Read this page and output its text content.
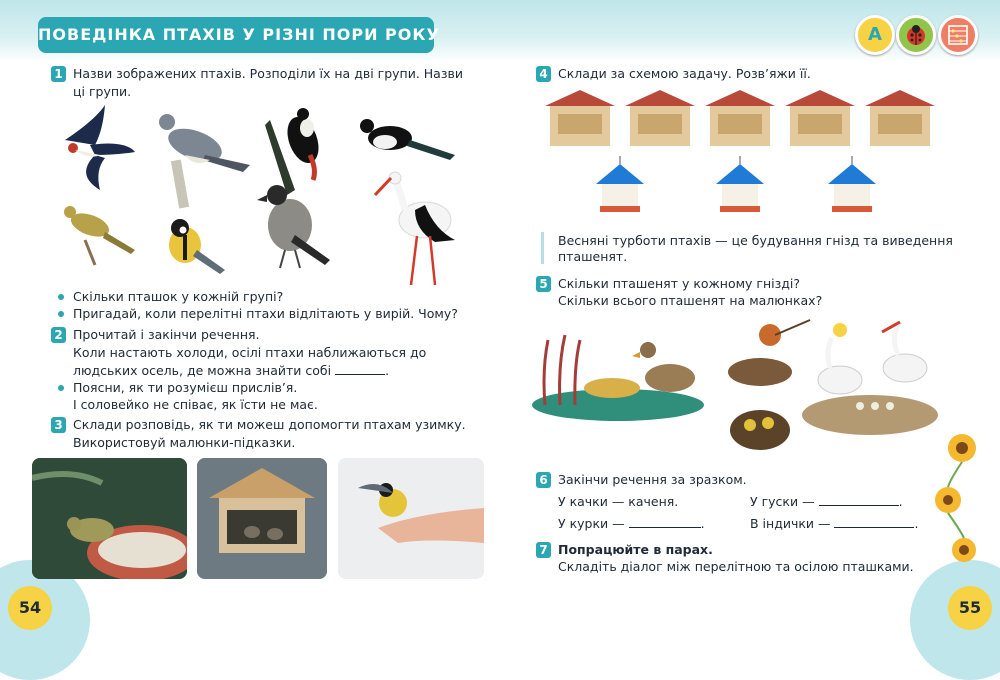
ПОВЕДІНКА ПТАХІВ У РІЗНІ ПОРИ РОКУ	A
1 Назви зображених птахів. Розподіли їх на дві групи. Назви
ці групи.
Скільки пташок у кожній групі?
Пригадай, коли перелітні птахи відлітають у вирій. Чому?
2 Прочитай і закінчи речення.
Коли настають холоди, осілі птахи наближаються до
людських осель, де можна знайти собі	.
Поясни, як ти розумієш прислів’я.
І соловейко не співає, як їсти не має.
3 Склади розповідь, як ти можеш допомогти птахам узимку.
Використовуй малюнки-підказки.
54
4 Склади за схемою задачу. Розв’яжи її.
Весняні турботи птахів — це будування гнізд та виведення
пташенят.
5 Скільки пташенят у кожному гнізді?
Скільки всього пташенят на малюнках?
6 Закінчи речення за зразком.
У качки — каченя.	У гуски —	.
У курки —	.	В індички —	.
7 Попрацюйте в парах.
Складіть діалог між перелітною та осілою пташками.
55
